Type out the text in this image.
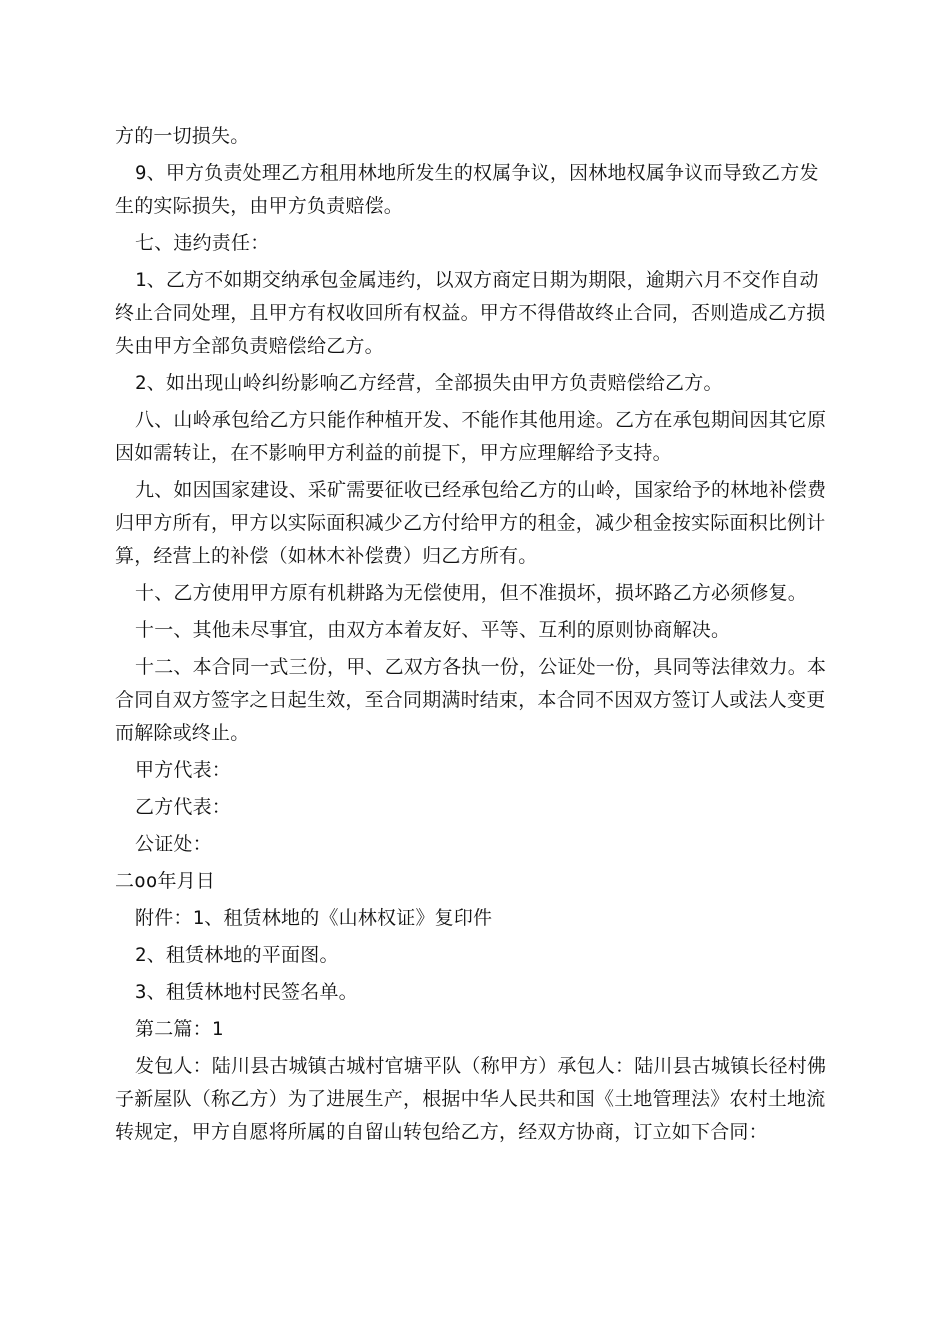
方的一切损失。

9、甲方负责处理乙方租用林地所发生的权属争议，因林地权属争议而导致乙方发生的实际损失，由甲方负责赔偿。

七、违约责任：

1、乙方不如期交纳承包金属违约，以双方商定日期为期限，逾期六月不交作自动终止合同处理，且甲方有权收回所有权益。甲方不得借故终止合同，否则造成乙方损失由甲方全部负责赔偿给乙方。

2、如出现山岭纠纷影响乙方经营，全部损失由甲方负责赔偿给乙方。

八、山岭承包给乙方只能作种植开发、不能作其他用途。乙方在承包期间因其它原因如需转让，在不影响甲方利益的前提下，甲方应理解给予支持。

九、如因国家建设、采矿需要征收已经承包给乙方的山岭，国家给予的林地补偿费归甲方所有，甲方以实际面积减少乙方付给甲方的租金，减少租金按实际面积比例计算，经营上的补偿（如林木补偿费）归乙方所有。

十、乙方使用甲方原有机耕路为无偿使用，但不准损坏，损坏路乙方必须修复。

十一、其他未尽事宜，由双方本着友好、平等、互利的原则协商解决。

十二、本合同一式三份，甲、乙双方各执一份，公证处一份，具同等法律效力。本合同自双方签字之日起生效，至合同期满时结束，本合同不因双方签订人或法人变更而解除或终止。

甲方代表：

乙方代表：

公证处：

二oo年月日

附件：1、租赁林地的《山林权证》复印件

2、租赁林地的平面图。

3、租赁林地村民签名单。

第二篇：1

发包人：陆川县古城镇古城村官塘平队（称甲方）承包人：陆川县古城镇长径村佛子新屋队（称乙方）为了进展生产，根据中华人民共和国《土地管理法》农村土地流转规定，甲方自愿将所属的自留山转包给乙方，经双方协商，订立如下合同：
